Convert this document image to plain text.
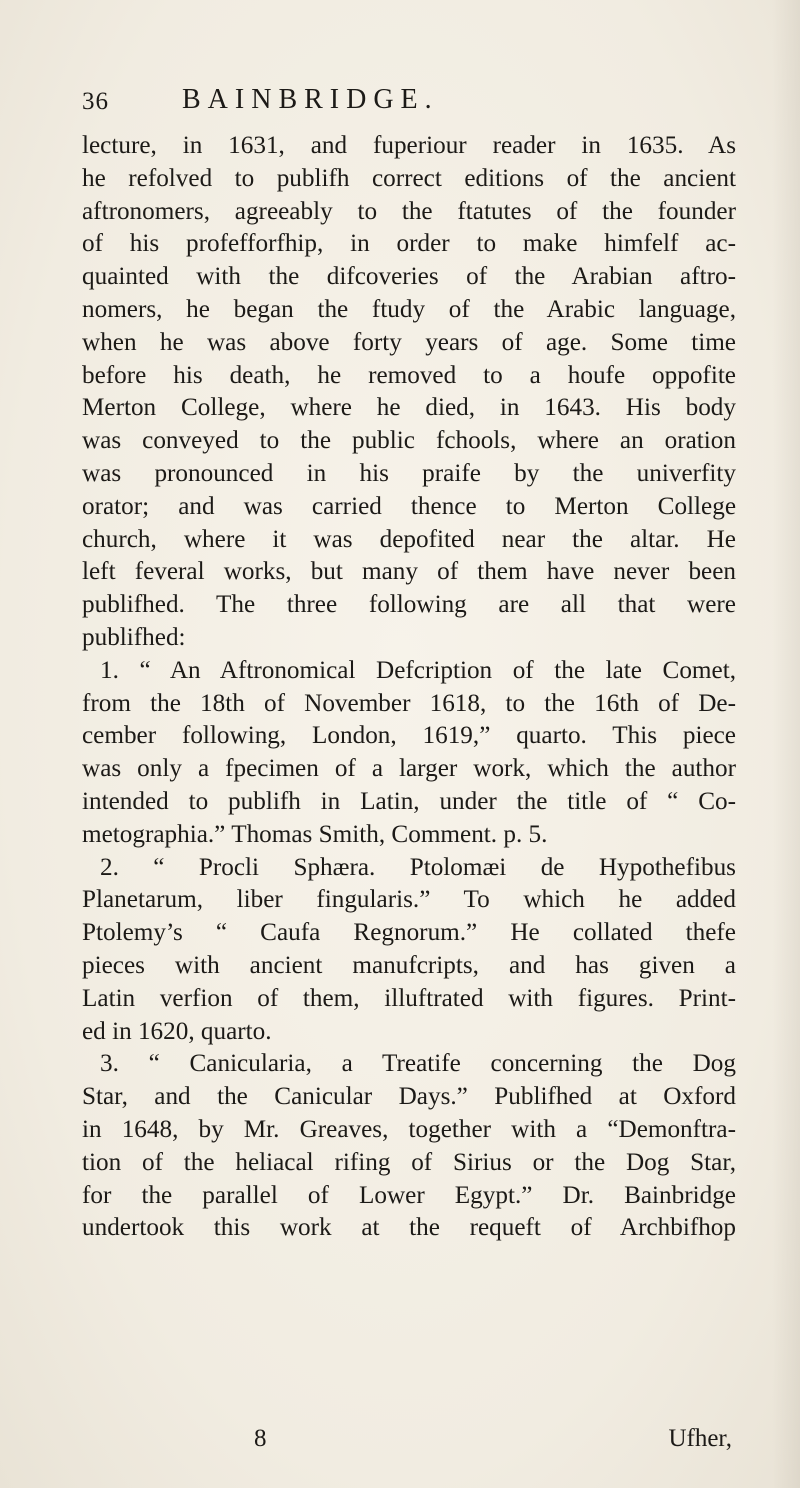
36	BAINBRIDGE.
lecture, in 1631, and fuperiour reader in 1635. As
he refolved to publifh correct editions of the ancient
aftronomers, agreeably to the ftatutes of the founder
of his profefforfhip, in order to make himfelf ac-
quainted with the difcoveries of the Arabian aftro-
nomers, he began the ftudy of the Arabic language,
when he was above forty years of age. Some time
before his death, he removed to a houfe oppofite
Merton College, where he died, in 1643. His body
was conveyed to the public fchools, where an oration
was pronounced in his praife by the univerfity
orator; and was carried thence to Merton College
church, where it was depofited near the altar. He
left feveral works, but many of them have never been
publifhed. The three following are all that were
publifhed:
1. “ An Aftronomical Defcription of the late Comet,
from the 18th of November 1618, to the 16th of De-
cember following, London, 1619,” quarto. This piece
was only a fpecimen of a larger work, which the author
intended to publifh in Latin, under the title of “ Co-
metographia.” Thomas Smith, Comment. p. 5.
2. “ Procli Sphæra. Ptolomæi de Hypothefibus
Planetarum, liber fingularis.” To which he added
Ptolemy’s “ Caufa Regnorum.” He collated thefe
pieces with ancient manufcripts, and has given a
Latin verfion of them, illuftrated with figures. Print-
ed in 1620, quarto.
3. “ Canicularia, a Treatife concerning the Dog
Star, and the Canicular Days.” Publifhed at Oxford
in 1648, by Mr. Greaves, together with a “Demonftra-
tion of the heliacal rifing of Sirius or the Dog Star,
for the parallel of Lower Egypt.” Dr. Bainbridge
undertook this work at the requeft of Archbifhop
8	Ufher,
